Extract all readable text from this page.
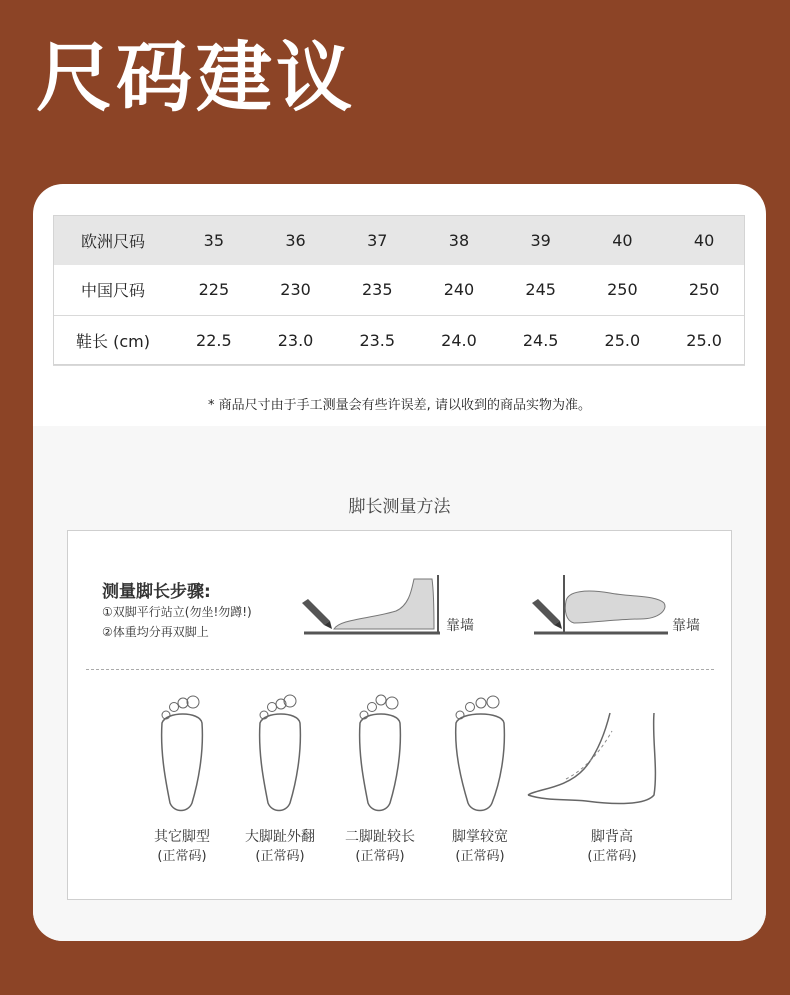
尺码建议
欧洲尺码	35	36	37	38	39	40	40
中国尺码	225	230	235	240	245	250	250
鞋长 (cm)	22.5	23.0	23.5	24.0	24.5	25.0	25.0
* 商品尺寸由于手工测量会有些许误差, 请以收到的商品实物为准。
脚长测量方法
测量脚长步骤:
①双脚平行站立(勿坐!勿蹲!)
②体重均分再双脚上	靠墙	靠墙
其它脚型
(正常码)
大脚趾外翻
(正常码)
二脚趾较长
(正常码)
脚掌较宽
(正常码)
脚背高
(正常码)
